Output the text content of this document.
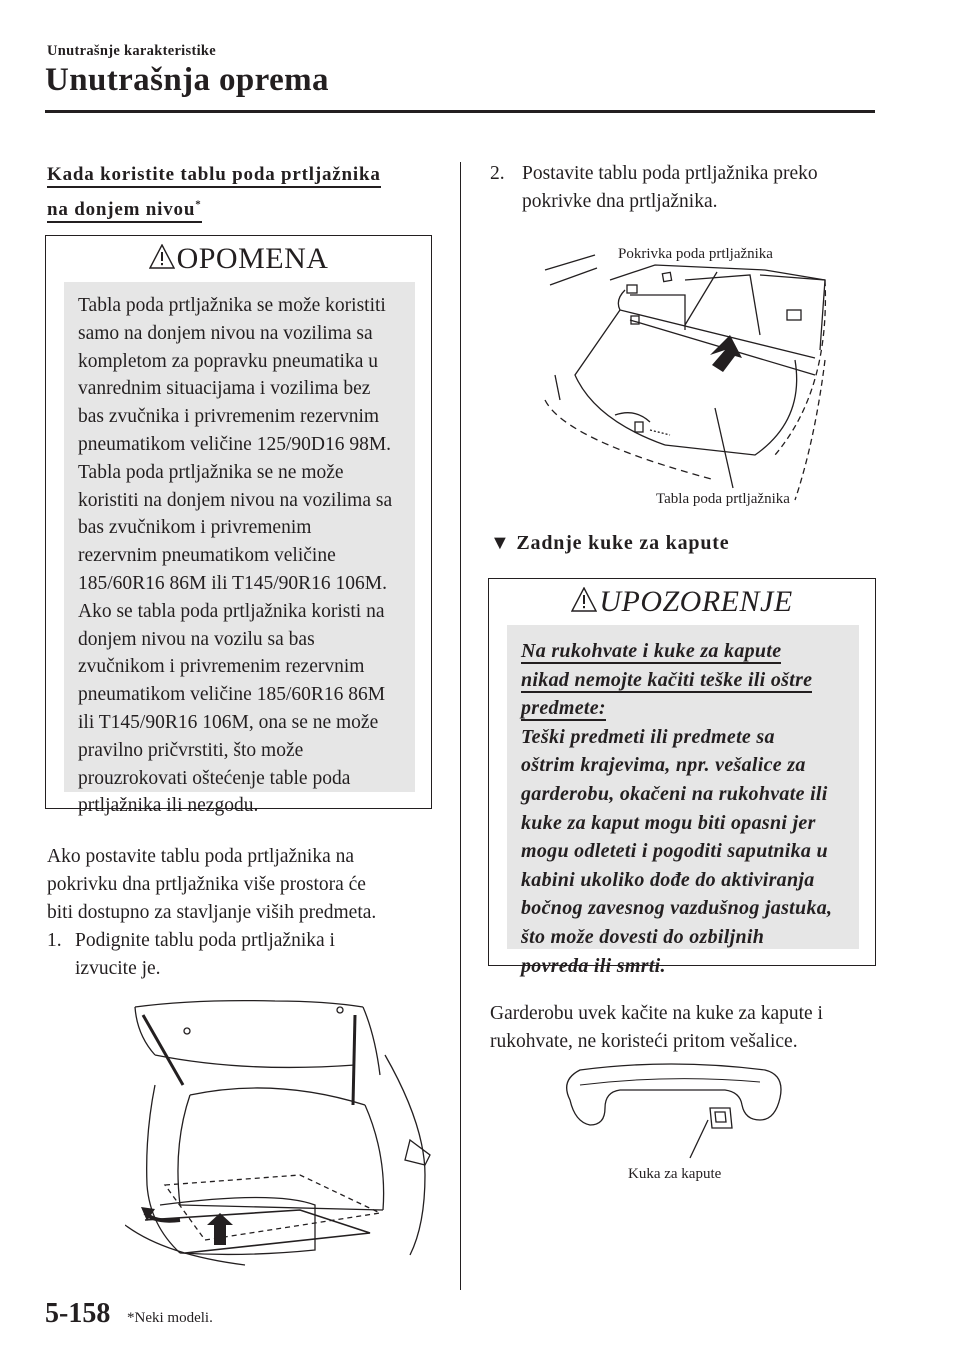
Unutrašnje karakteristike
Unutrašnja oprema
Kada koristite tablu poda prtljažnika
na donjem nivou*
OPOMENA
Tabla poda prtljažnika se može koristiti
samo na donjem nivou na vozilima sa
kompletom za popravku pneumatika u
vanrednim situacijama i vozilima bez
bas zvučnika i privremenim rezervnim
pneumatikom veličine 125/90D16 98M.
Tabla poda prtljažnika se ne može
koristiti na donjem nivou na vozilima sa
bas zvučnikom i privremenim
rezervnim pneumatikom veličine
185/60R16 86M ili T145/90R16 106M.
Ako se tabla poda prtljažnika koristi na
donjem nivou na vozilu sa bas
zvučnikom i privremenim rezervnim
pneumatikom veličine 185/60R16 86M
ili T145/90R16 106M, ona se ne može
pravilno pričvrstiti, što može
prouzrokovati oštećenje table poda
prtljažnika ili nezgodu.
Ako postavite tablu poda prtljažnika na
pokrivku dna prtljažnika više prostora će
biti dostupno za stavljanje viših predmeta.
1. Podignite tablu poda prtljažnika i
izvucite je.
2. Postavite tablu poda prtljažnika preko
pokrivke dna prtljažnika.
Pokrivka poda prtljažnika
Tabla poda prtljažnika
▼ Zadnje kuke za kapute
UPOZORENJE
Na rukohvate i kuke za kapute
nikad nemojte kačiti teške ili oštre
predmete:
Teški predmeti ili predmete sa
oštrim krajevima, npr. vešalice za
garderobu, okačeni na rukohvate ili
kuke za kaput mogu biti opasni jer
mogu odleteti i pogoditi saputnika u
kabini ukoliko dođe do aktiviranja
bočnog zavesnog vazdušnog jastuka,
što može dovesti do ozbiljnih
povreda ili smrti.
Garderobu uvek kačite na kuke za kapute i
rukohvate, ne koristeći pritom vešalice.
Kuka za kapute
5-158 *Neki modeli.
